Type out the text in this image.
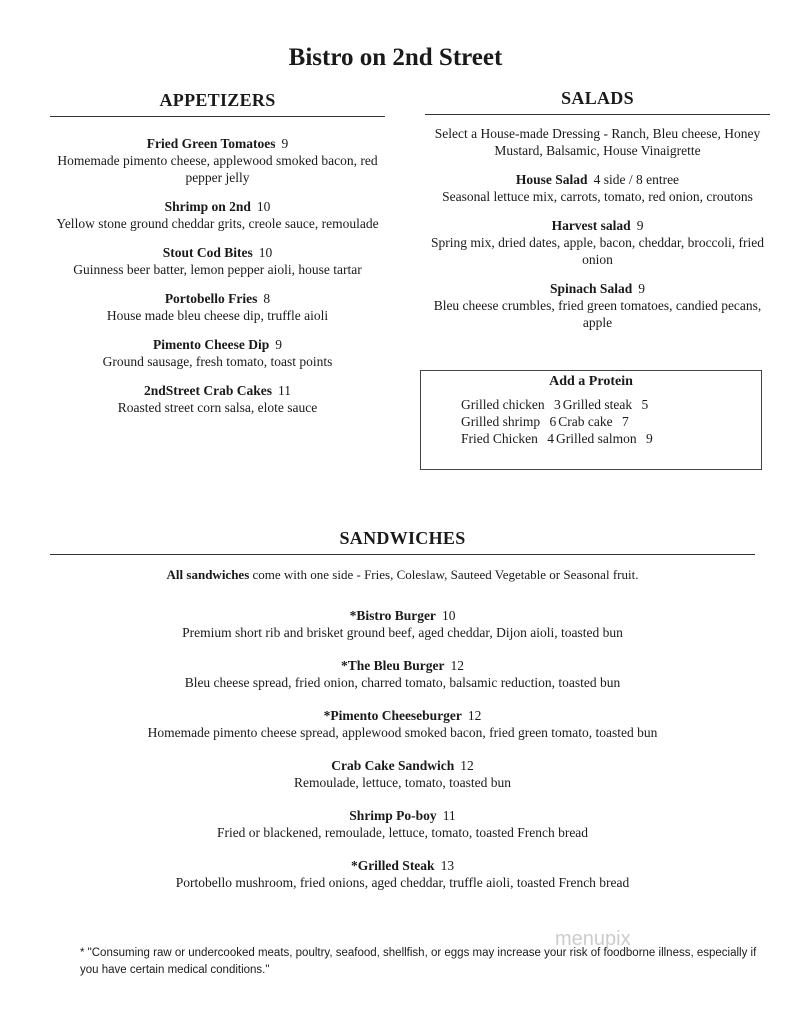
Bistro on 2nd Street
APPETIZERS
Fried Green Tomatoes 9
Homemade pimento cheese, applewood smoked bacon, red pepper jelly
Shrimp on 2nd 10
Yellow stone ground cheddar grits, creole sauce, remoulade
Stout Cod Bites 10
Guinness beer batter, lemon pepper aioli, house tartar
Portobello Fries 8
House made bleu cheese dip, truffle aioli
Pimento Cheese Dip 9
Ground sausage, fresh tomato, toast points
2ndStreet Crab Cakes 11
Roasted street corn salsa, elote sauce
SALADS
Select a House-made Dressing - Ranch, Bleu cheese, Honey Mustard, Balsamic, House Vinaigrette
House Salad 4 side / 8 entree
Seasonal lettuce mix, carrots, tomato, red onion, croutons
Harvest salad 9
Spring mix, dried dates, apple, bacon, cheddar, broccoli, fried onion
Spinach Salad 9
Bleu cheese crumbles, fried green tomatoes, candied pecans, apple
Add a Protein
Grilled chicken 3 Grilled steak 5
Grilled shrimp 6 Crab cake 7
Fried Chicken 4 Grilled salmon 9
SANDWICHES
All sandwiches come with one side - Fries, Coleslaw, Sauteed Vegetable or Seasonal fruit.
*Bistro Burger 10
Premium short rib and brisket ground beef, aged cheddar, Dijon aioli, toasted bun
*The Bleu Burger 12
Bleu cheese spread, fried onion, charred tomato, balsamic reduction, toasted bun
*Pimento Cheeseburger 12
Homemade pimento cheese spread, applewood smoked bacon, fried green tomato, toasted bun
Crab Cake Sandwich 12
Remoulade, lettuce, tomato, toasted bun
Shrimp Po-boy 11
Fried or blackened, remoulade, lettuce, tomato, toasted French bread
*Grilled Steak 13
Portobello mushroom, fried onions, aged cheddar, truffle aioli, toasted French bread
menupix
* "Consuming raw or undercooked meats, poultry, seafood, shellfish, or eggs may increase your risk of foodborne illness, especially if you have certain medical conditions."
